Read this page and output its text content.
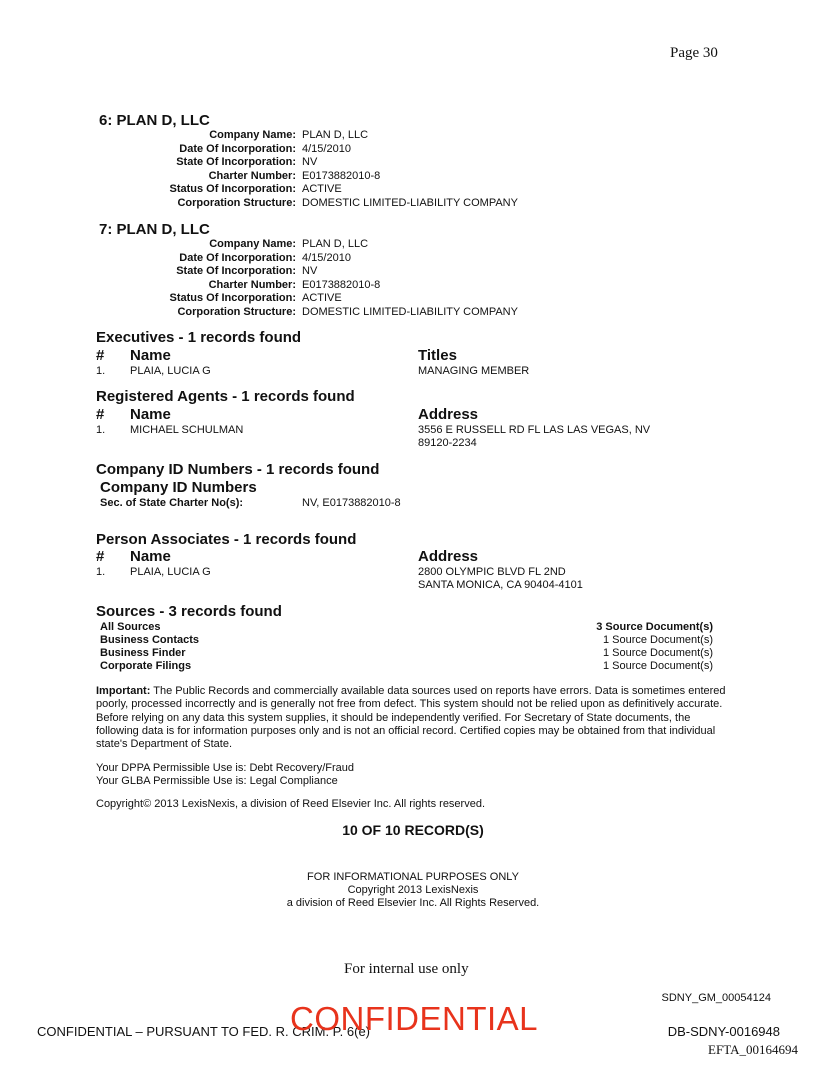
Page 30
6: PLAN D, LLC
Company Name: PLAN D, LLC
Date Of Incorporation: 4/15/2010
State Of Incorporation: NV
Charter Number: E0173882010-8
Status Of Incorporation: ACTIVE
Corporation Structure: DOMESTIC LIMITED-LIABILITY COMPANY
7: PLAN D, LLC
Company Name: PLAN D, LLC
Date Of Incorporation: 4/15/2010
State Of Incorporation: NV
Charter Number: E0173882010-8
Status Of Incorporation: ACTIVE
Corporation Structure: DOMESTIC LIMITED-LIABILITY COMPANY
Executives - 1 records found
# Name	Titles
1. PLAIA, LUCIA G	MANAGING MEMBER
Registered Agents - 1 records found
# Name	Address
1. MICHAEL SCHULMAN	3556 E RUSSELL RD FL LAS LAS VEGAS, NV
89120-2234
Company ID Numbers - 1 records found
Company ID Numbers
Sec. of State Charter No(s):	NV, E0173882010-8
Person Associates - 1 records found
# Name	Address
1. PLAIA, LUCIA G	2800 OLYMPIC BLVD FL 2ND
SANTA MONICA, CA 90404-4101
Sources - 3 records found
All Sources	3 Source Document(s)
Business Contacts	1 Source Document(s)
Business Finder	1 Source Document(s)
Corporate Filings	1 Source Document(s)
Important: The Public Records and commercially available data sources used on reports have errors. Data is sometimes entered poorly, processed incorrectly and is generally not free from defect. This system should not be relied upon as definitively accurate. Before relying on any data this system supplies, it should be independently verified. For Secretary of State documents, the following data is for information purposes only and is not an official record. Certified copies may be obtained from that individual state's Department of State.
Your DPPA Permissible Use is: Debt Recovery/Fraud
Your GLBA Permissible Use is: Legal Compliance
Copyright© 2013 LexisNexis, a division of Reed Elsevier Inc. All rights reserved.
10 OF 10 RECORD(S)
FOR INFORMATIONAL PURPOSES ONLY
Copyright 2013 LexisNexis
a division of Reed Elsevier Inc. All Rights Reserved.
For internal use only
SDNY_GM_00054124
CONFIDENTIAL – PURSUANT TO FED. R. CRIM. P. 6(e)
CONFIDENTIAL	DB-SDNY-0016948
EFTA_00164694
